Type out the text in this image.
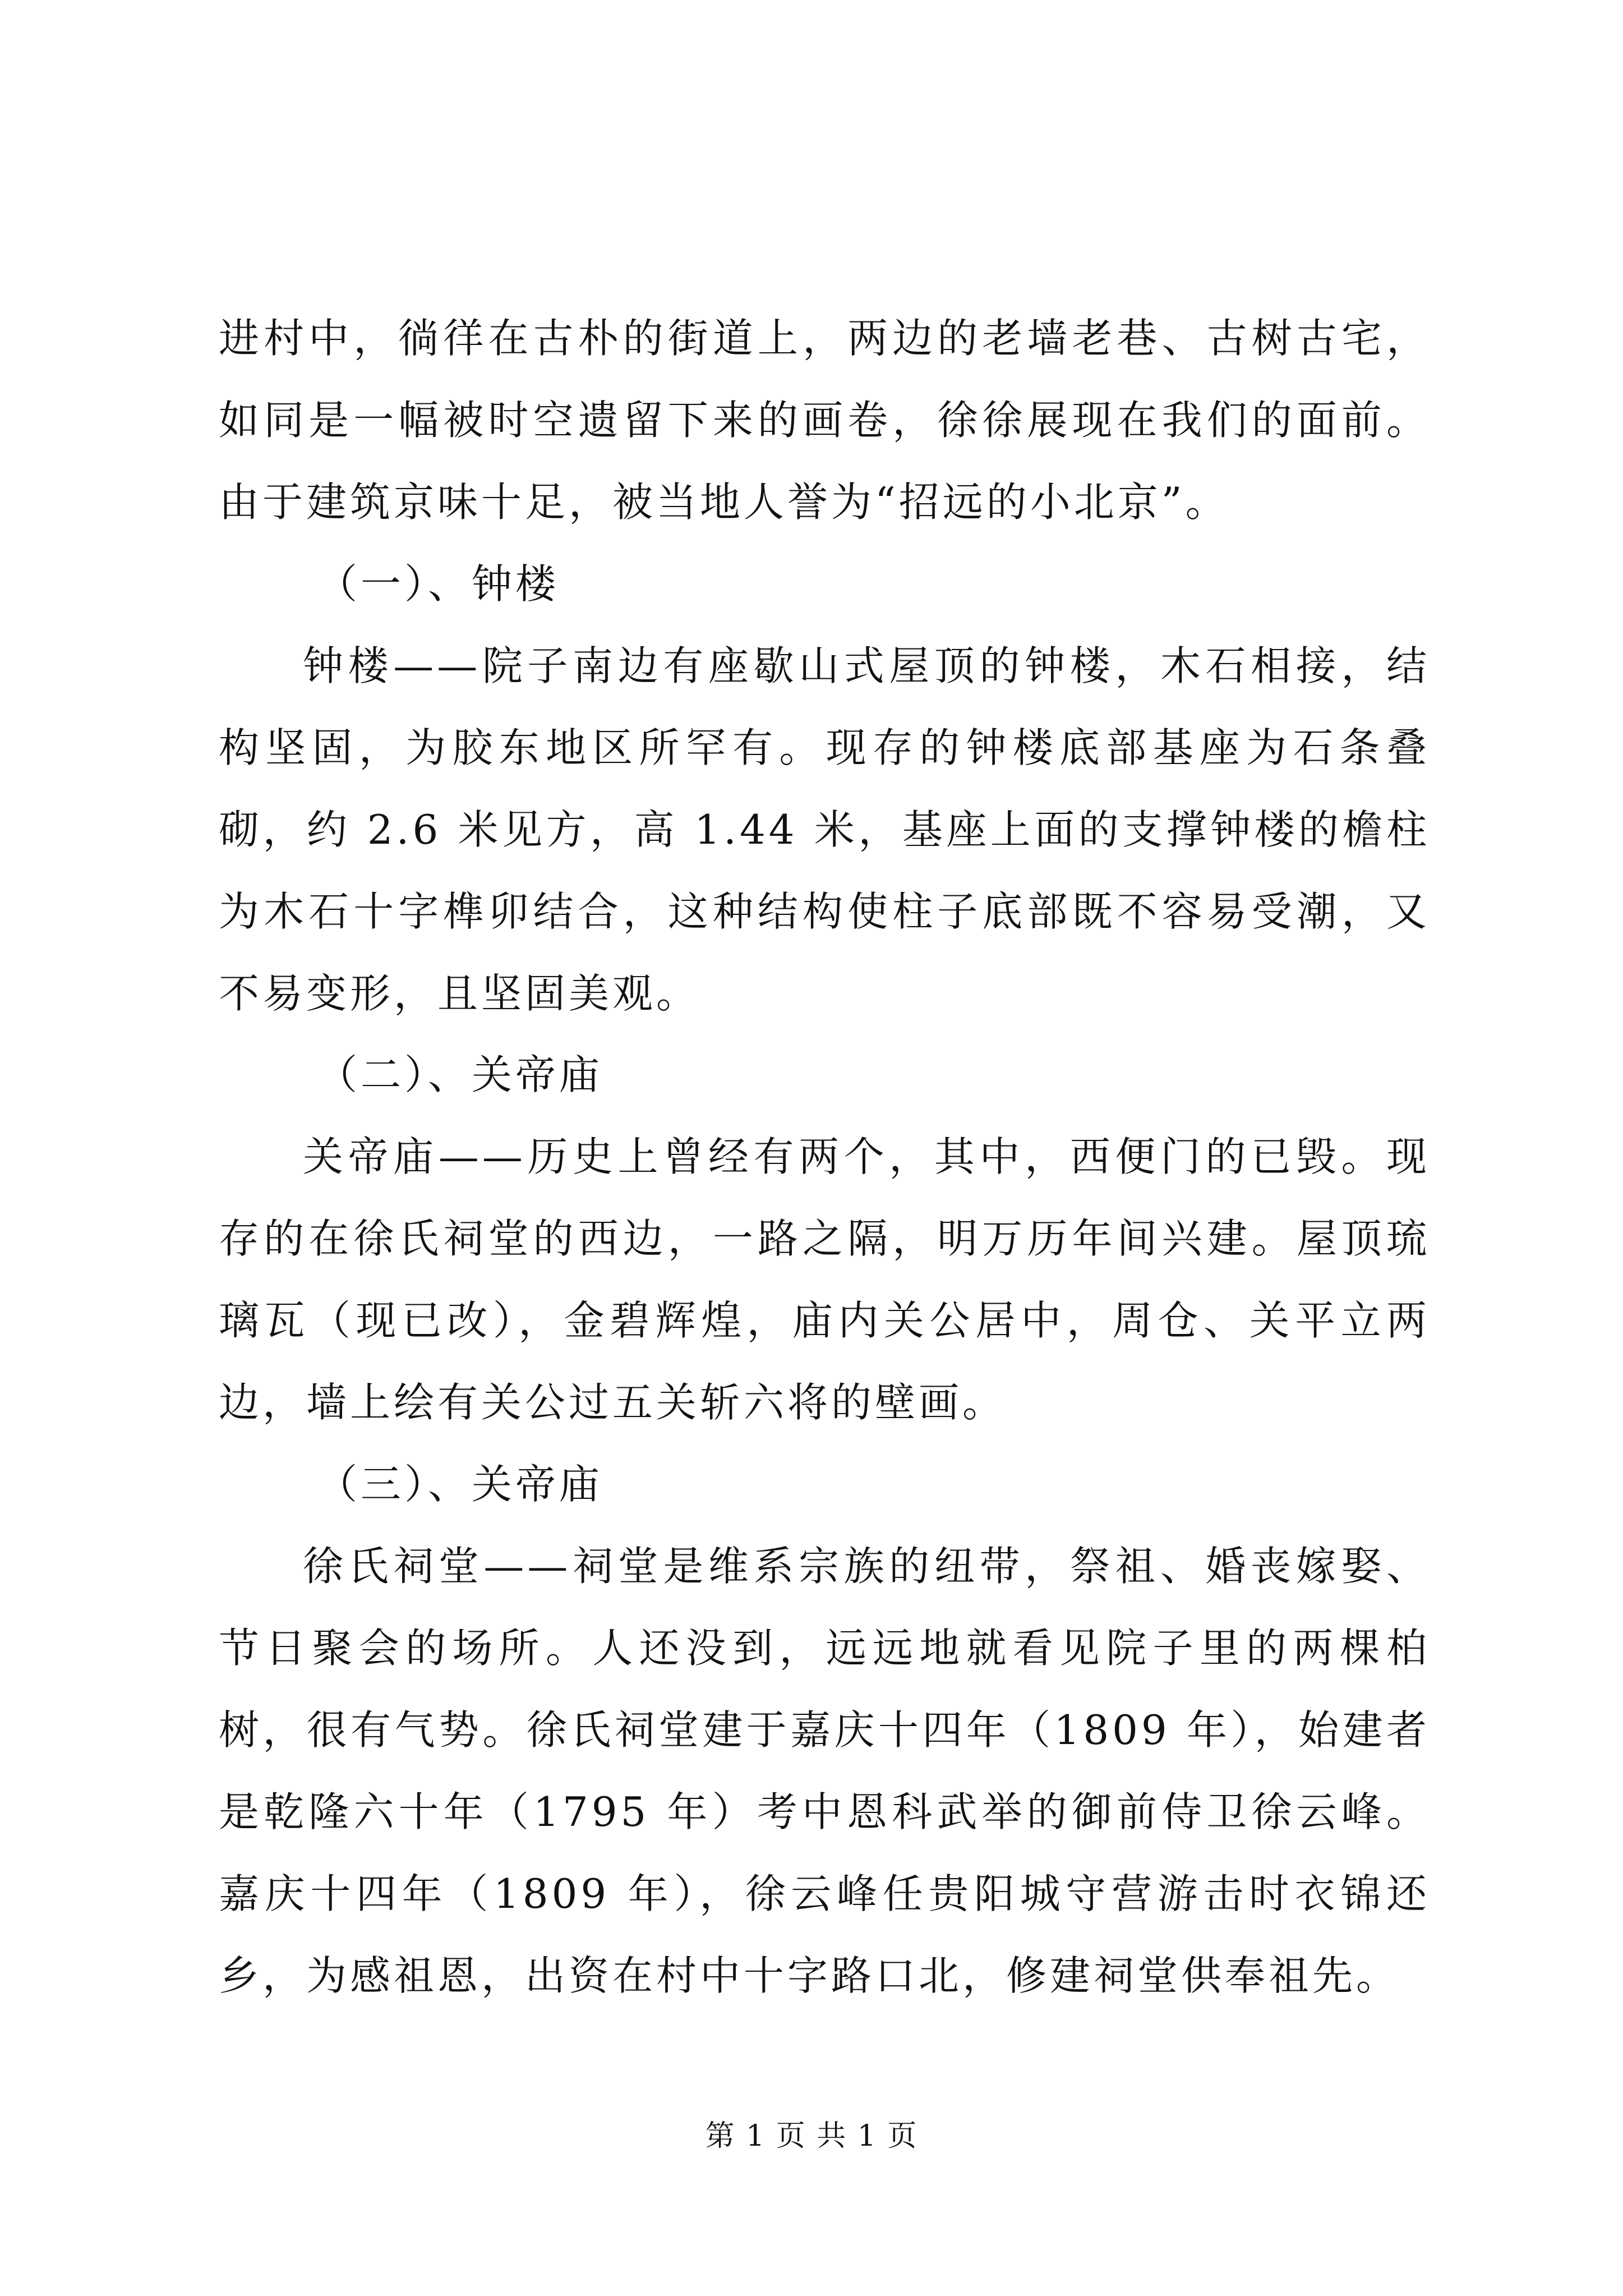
进村中，徜徉在古朴的街道上，两边的老墙老巷、古树古宅，如同是一幅被时空遗留下来的画卷，徐徐展现在我们的面前。由于建筑京味十足，被当地人誉为“招远的小北京”。
（一）、钟楼
钟楼——院子南边有座歇山式屋顶的钟楼，木石相接，结构坚固，为胶东地区所罕有。现存的钟楼底部基座为石条叠砌，约 2.6 米见方，高 1.44 米，基座上面的支撑钟楼的檐柱为木石十字榫卯结合，这种结构使柱子底部既不容易受潮，又不易变形，且坚固美观。
（二）、关帝庙
关帝庙——历史上曾经有两个，其中，西便门的已毁。现存的在徐氏祠堂的西边，一路之隔，明万历年间兴建。屋顶琉璃瓦（现已改），金碧辉煌，庙内关公居中，周仓、关平立两边，墙上绘有关公过五关斩六将的壁画。
（三）、关帝庙
徐氏祠堂——祠堂是维系宗族的纽带，祭祖、婚丧嫁娶、节日聚会的场所。人还没到，远远地就看见院子里的两棵柏树，很有气势。徐氏祠堂建于嘉庆十四年（1809 年），始建者是乾隆六十年（1795 年）考中恩科武举的御前侍卫徐云峰。嘉庆十四年（1809 年），徐云峰任贵阳城守营游击时衣锦还乡，为感祖恩，出资在村中十字路口北，修建祠堂供奉祖先。
第 1 页 共 1 页
